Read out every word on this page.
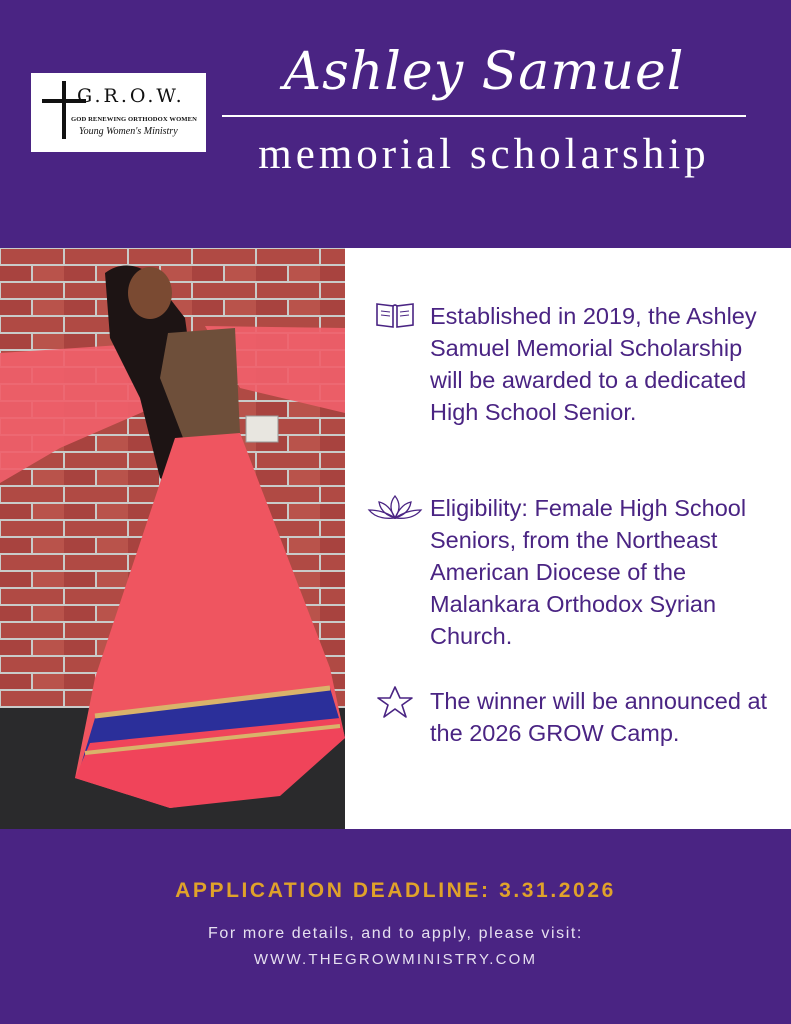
G.R.O.W.
GOD RENEWING ORTHODOX WOMEN
Young Women's Ministry
Ashley Samuel
memorial scholarship
Established in 2019, the Ashley Samuel Memorial Scholarship will be awarded to a dedicated High School Senior.
Eligibility: Female High School Seniors, from the Northeast American Diocese of the Malankara Orthodox Syrian Church.
The winner will be announced at the 2026 GROW Camp.
APPLICATION DEADLINE: 3.31.2026
For more details, and to apply, please visit:
WWW.THEGROWMINISTRY.COM
